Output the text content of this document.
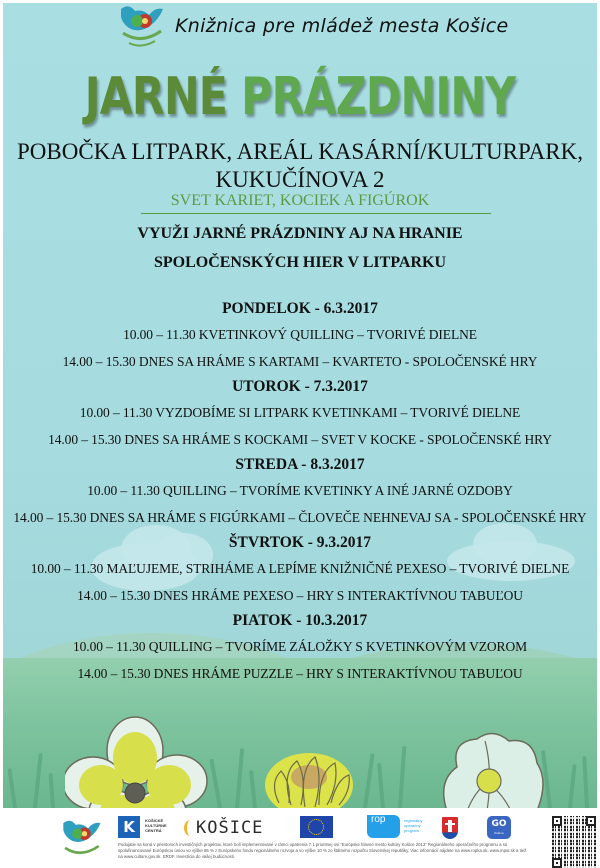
Knižnica pre mládež mesta Košice
JARNÉ PRÁZDNINY
POBOČKA LITPARK, AREÁL KASÁRNÍ/KULTURPARK,
KUKUČÍNOVA 2
SVET KARIET, KOCIEK A FIGÚROK
VYUŽI JARNÉ PRÁZDNINY AJ NA HRANIE
SPOLOČENSKÝCH HIER V LITPARKU
PONDELOK - 6.3.2017
10.00 – 11.30 KVETINKOVÝ QUILLING – TVORIVÉ DIELNE
14.00 – 15.30 DNES SA HRÁME S KARTAMI – KVARTETO - SPOLOČENSKÉ HRY
UTOROK - 7.3.2017
10.00 – 11.30 VYZDOBÍME SI LITPARK KVETINKAMI – TVORIVÉ DIELNE
14.00 – 15.30 DNES SA HRÁME S KOCKAMI – SVET V KOCKE - SPOLOČENSKÉ HRY
STREDA - 8.3.2017
10.00 – 11.30 QUILLING – TVORÍME KVETINKY A INÉ JARNÉ OZDOBY
14.00 – 15.30 DNES SA HRÁME S FIGÚRKAMI – ČLOVEČE NEHNEVAJ SA - SPOLOČENSKÉ HRY
ŠTVRTOK - 9.3.2017
10.00 – 11.30 MAĽUJEME, STRIHÁME A LEPÍME KNIŽNIČNÉ PEXESO – TVORIVÉ DIELNE
14.00 – 15.30 DNES HRÁME PEXESO – HRY S INTERAKTÍVNOU TABUĽOU
PIATOK - 10.3.2017
10.00 – 11.30 QUILLING – TVORÍME ZÁLOŽKY S KVETINKOVÝM VZOROM
14.00 – 15.30 DNES HRÁME PUZZLE – HRY S INTERAKTÍVNOU TABUĽOU
K	KOŠICKÉ KULTÚRNE CENTRÁ	KOŠICE	rop	regionálny operačný program
GO
Košice
Podujatie sa koná v priestoroch investičných projektov, ktoré boli implementované v rámci opatrenia 7.1 prioritnej osi “Európske hlavné mesto kultúry Košice 2013” Regionálneho operačného programu a sú spolufinancované Európskou úniou vo výške 85 % z Európskeho fondu regionálneho rozvoja a vo výške 10 % zo štátneho rozpočtu Slovenskej republiky. Viac informácií nájdete na www.ropka.sk, www.mpsr.sk a tiež na www.culture.gov.sk. ERDF. Investícia do vašej budúcnosti.
